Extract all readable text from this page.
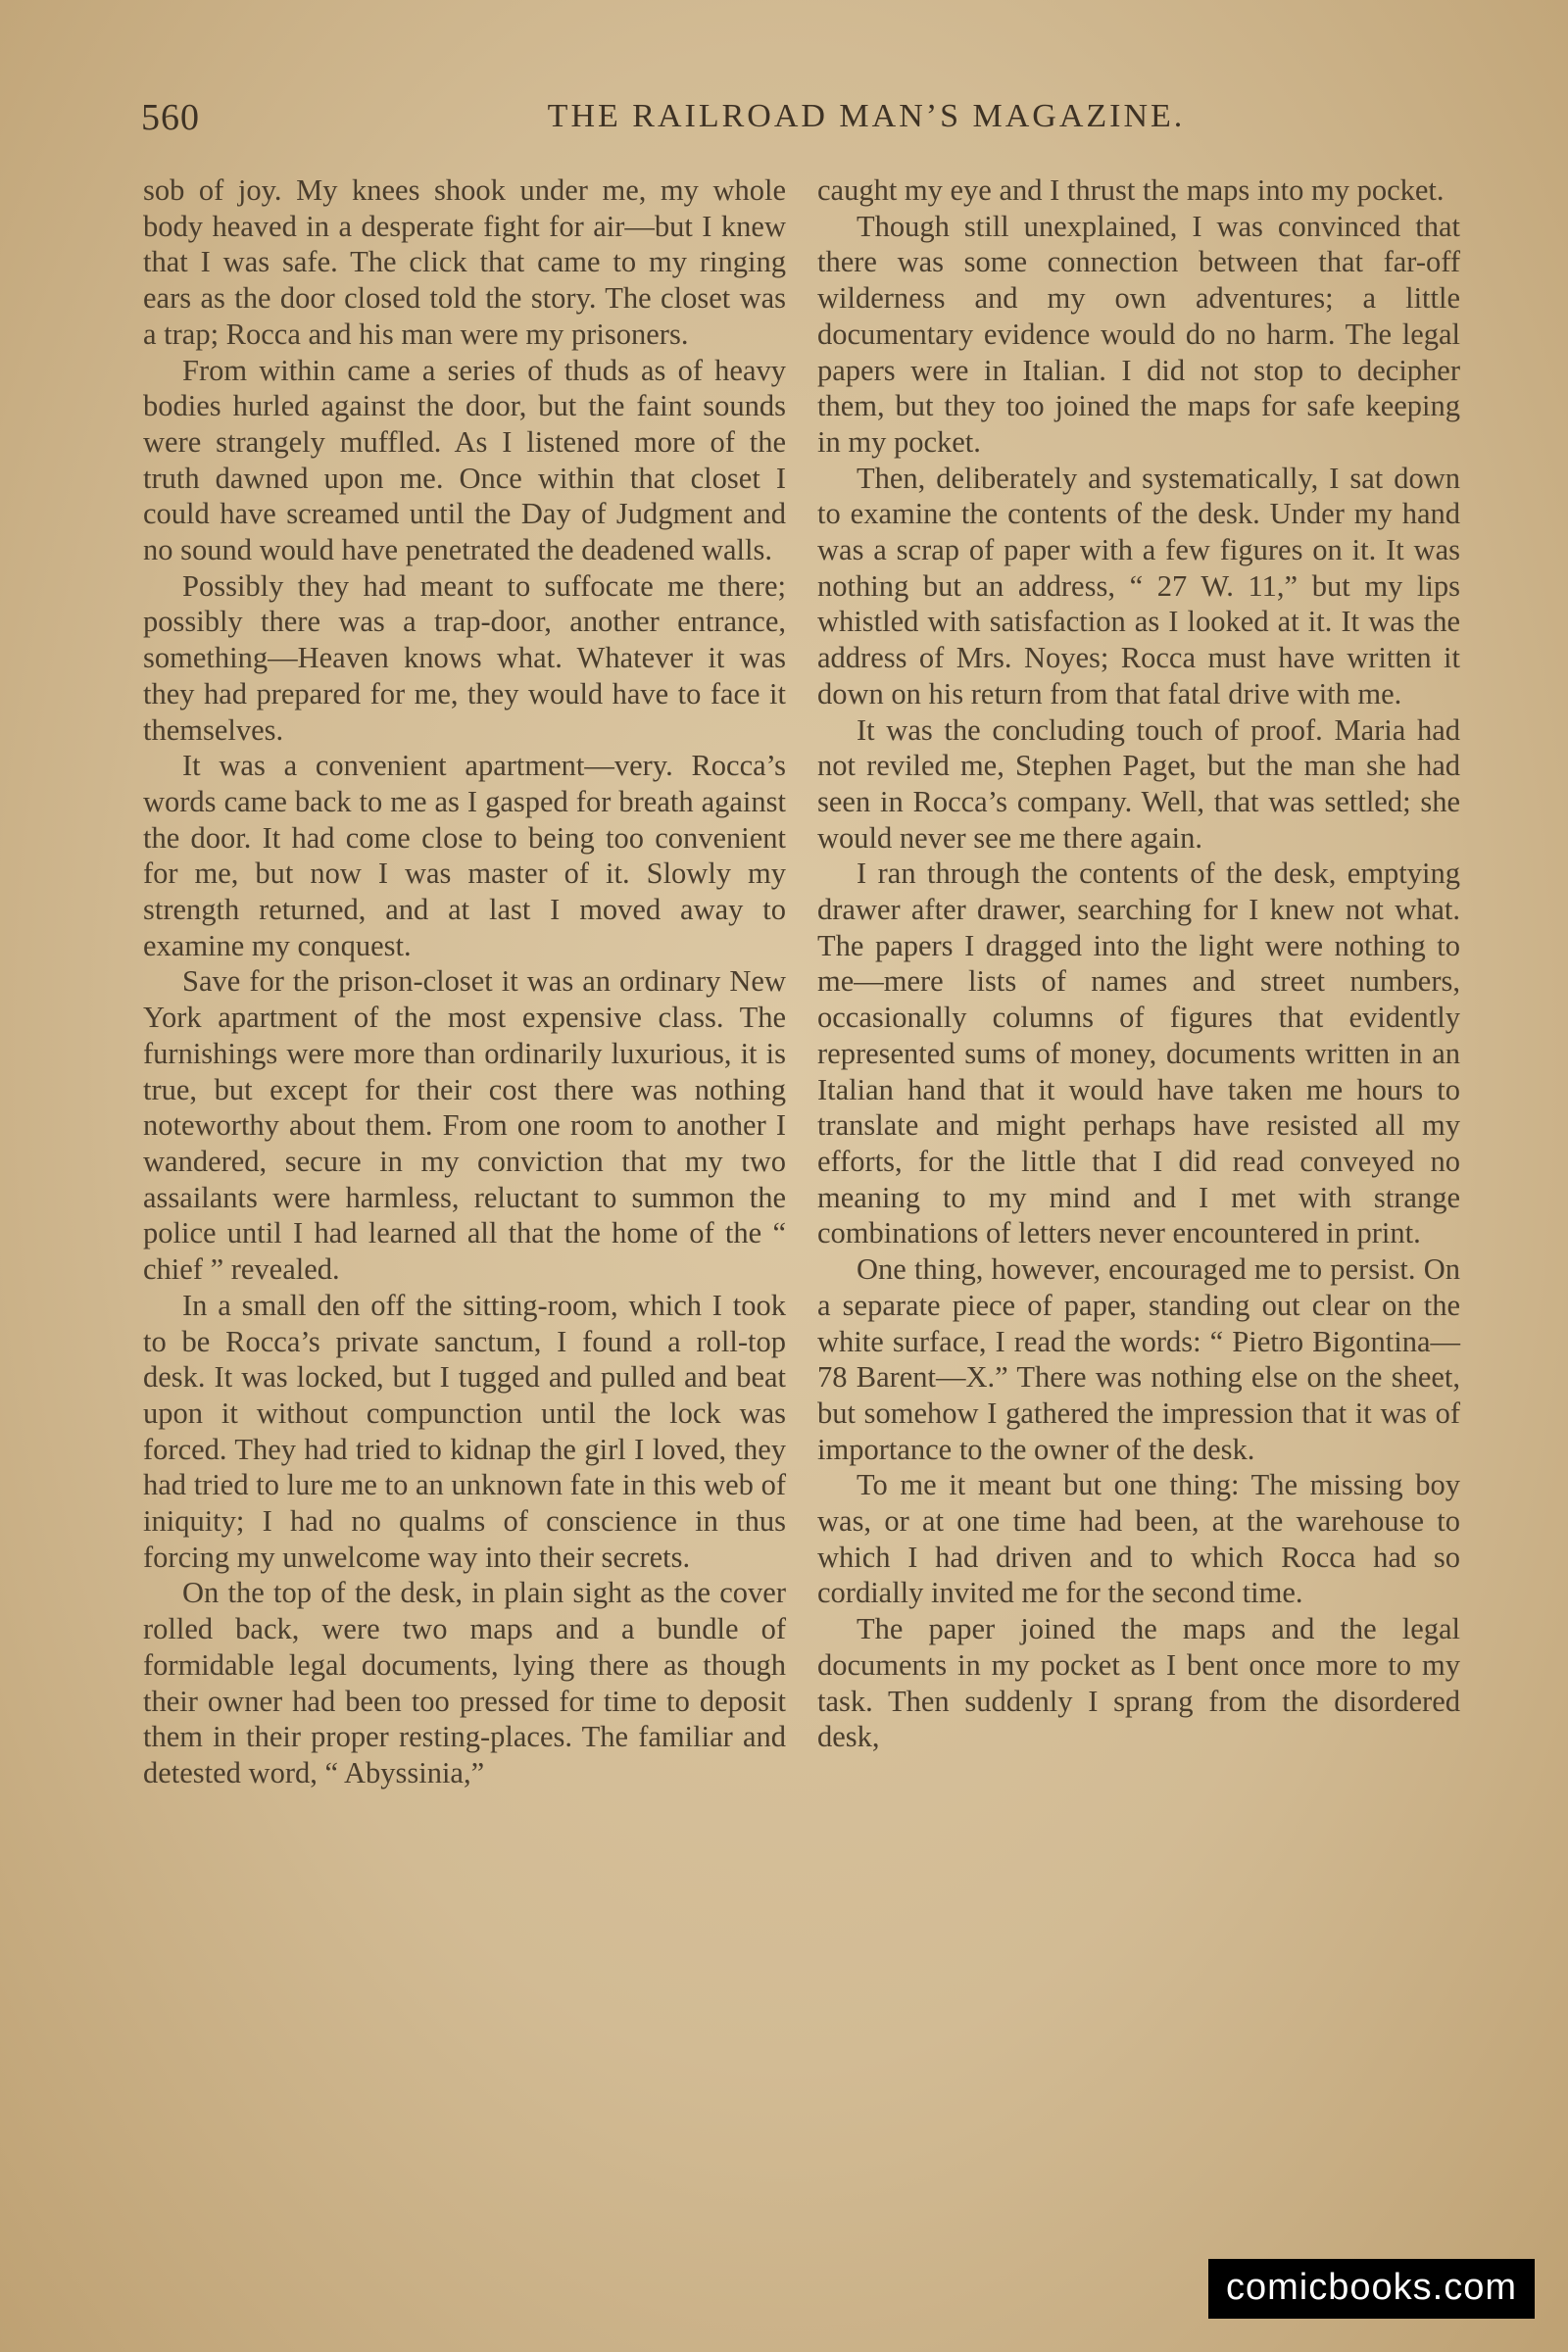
560	THE RAILROAD MAN’S MAGAZINE.

sob of joy. My knees shook under me, my whole body heaved in a desperate fight for air—but I knew that I was safe. The click that came to my ringing ears as the door closed told the story. The closet was a trap; Rocca and his man were my prisoners.

From within came a series of thuds as of heavy bodies hurled against the door, but the faint sounds were strangely muffled. As I listened more of the truth dawned upon me. Once within that closet I could have screamed until the Day of Judgment and no sound would have penetrated the deadened walls.

Possibly they had meant to suffocate me there; possibly there was a trap-door, another entrance, something—Heaven knows what. Whatever it was they had prepared for me, they would have to face it themselves.

It was a convenient apartment—very. Rocca’s words came back to me as I gasped for breath against the door. It had come close to being too convenient for me, but now I was master of it. Slowly my strength returned, and at last I moved away to examine my conquest.

Save for the prison-closet it was an ordinary New York apartment of the most expensive class. The furnishings were more than ordinarily luxurious, it is true, but except for their cost there was nothing noteworthy about them. From one room to another I wandered, secure in my conviction that my two assailants were harmless, reluctant to summon the police until I had learned all that the home of the “ chief ” revealed.

In a small den off the sitting-room, which I took to be Rocca’s private sanctum, I found a roll-top desk. It was locked, but I tugged and pulled and beat upon it without compunction until the lock was forced. They had tried to kidnap the girl I loved, they had tried to lure me to an unknown fate in this web of iniquity; I had no qualms of conscience in thus forcing my unwelcome way into their secrets.

On the top of the desk, in plain sight as the cover rolled back, were two maps and a bundle of formidable legal documents, lying there as though their owner had been too pressed for time to deposit them in their proper resting-places. The familiar and detested word, “ Abyssinia,”

caught my eye and I thrust the maps into my pocket.

Though still unexplained, I was convinced that there was some connection between that far-off wilderness and my own adventures; a little documentary evidence would do no harm. The legal papers were in Italian. I did not stop to decipher them, but they too joined the maps for safe keeping in my pocket.

Then, deliberately and systematically, I sat down to examine the contents of the desk. Under my hand was a scrap of paper with a few figures on it. It was nothing but an address, “ 27 W. 11,” but my lips whistled with satisfaction as I looked at it. It was the address of Mrs. Noyes; Rocca must have written it down on his return from that fatal drive with me.

It was the concluding touch of proof. Maria had not reviled me, Stephen Paget, but the man she had seen in Rocca’s company. Well, that was settled; she would never see me there again.

I ran through the contents of the desk, emptying drawer after drawer, searching for I knew not what. The papers I dragged into the light were nothing to me—mere lists of names and street numbers, occasionally columns of figures that evidently represented sums of money, documents written in an Italian hand that it would have taken me hours to translate and might perhaps have resisted all my efforts, for the little that I did read conveyed no meaning to my mind and I met with strange combinations of letters never encountered in print.

One thing, however, encouraged me to persist. On a separate piece of paper, standing out clear on the white surface, I read the words: “ Pietro Bigontina—78 Barent—X.” There was nothing else on the sheet, but somehow I gathered the impression that it was of importance to the owner of the desk.

To me it meant but one thing: The missing boy was, or at one time had been, at the warehouse to which I had driven and to which Rocca had so cordially invited me for the second time.

The paper joined the maps and the legal documents in my pocket as I bent once more to my task. Then suddenly I sprang from the disordered desk,

comicbooks.com
